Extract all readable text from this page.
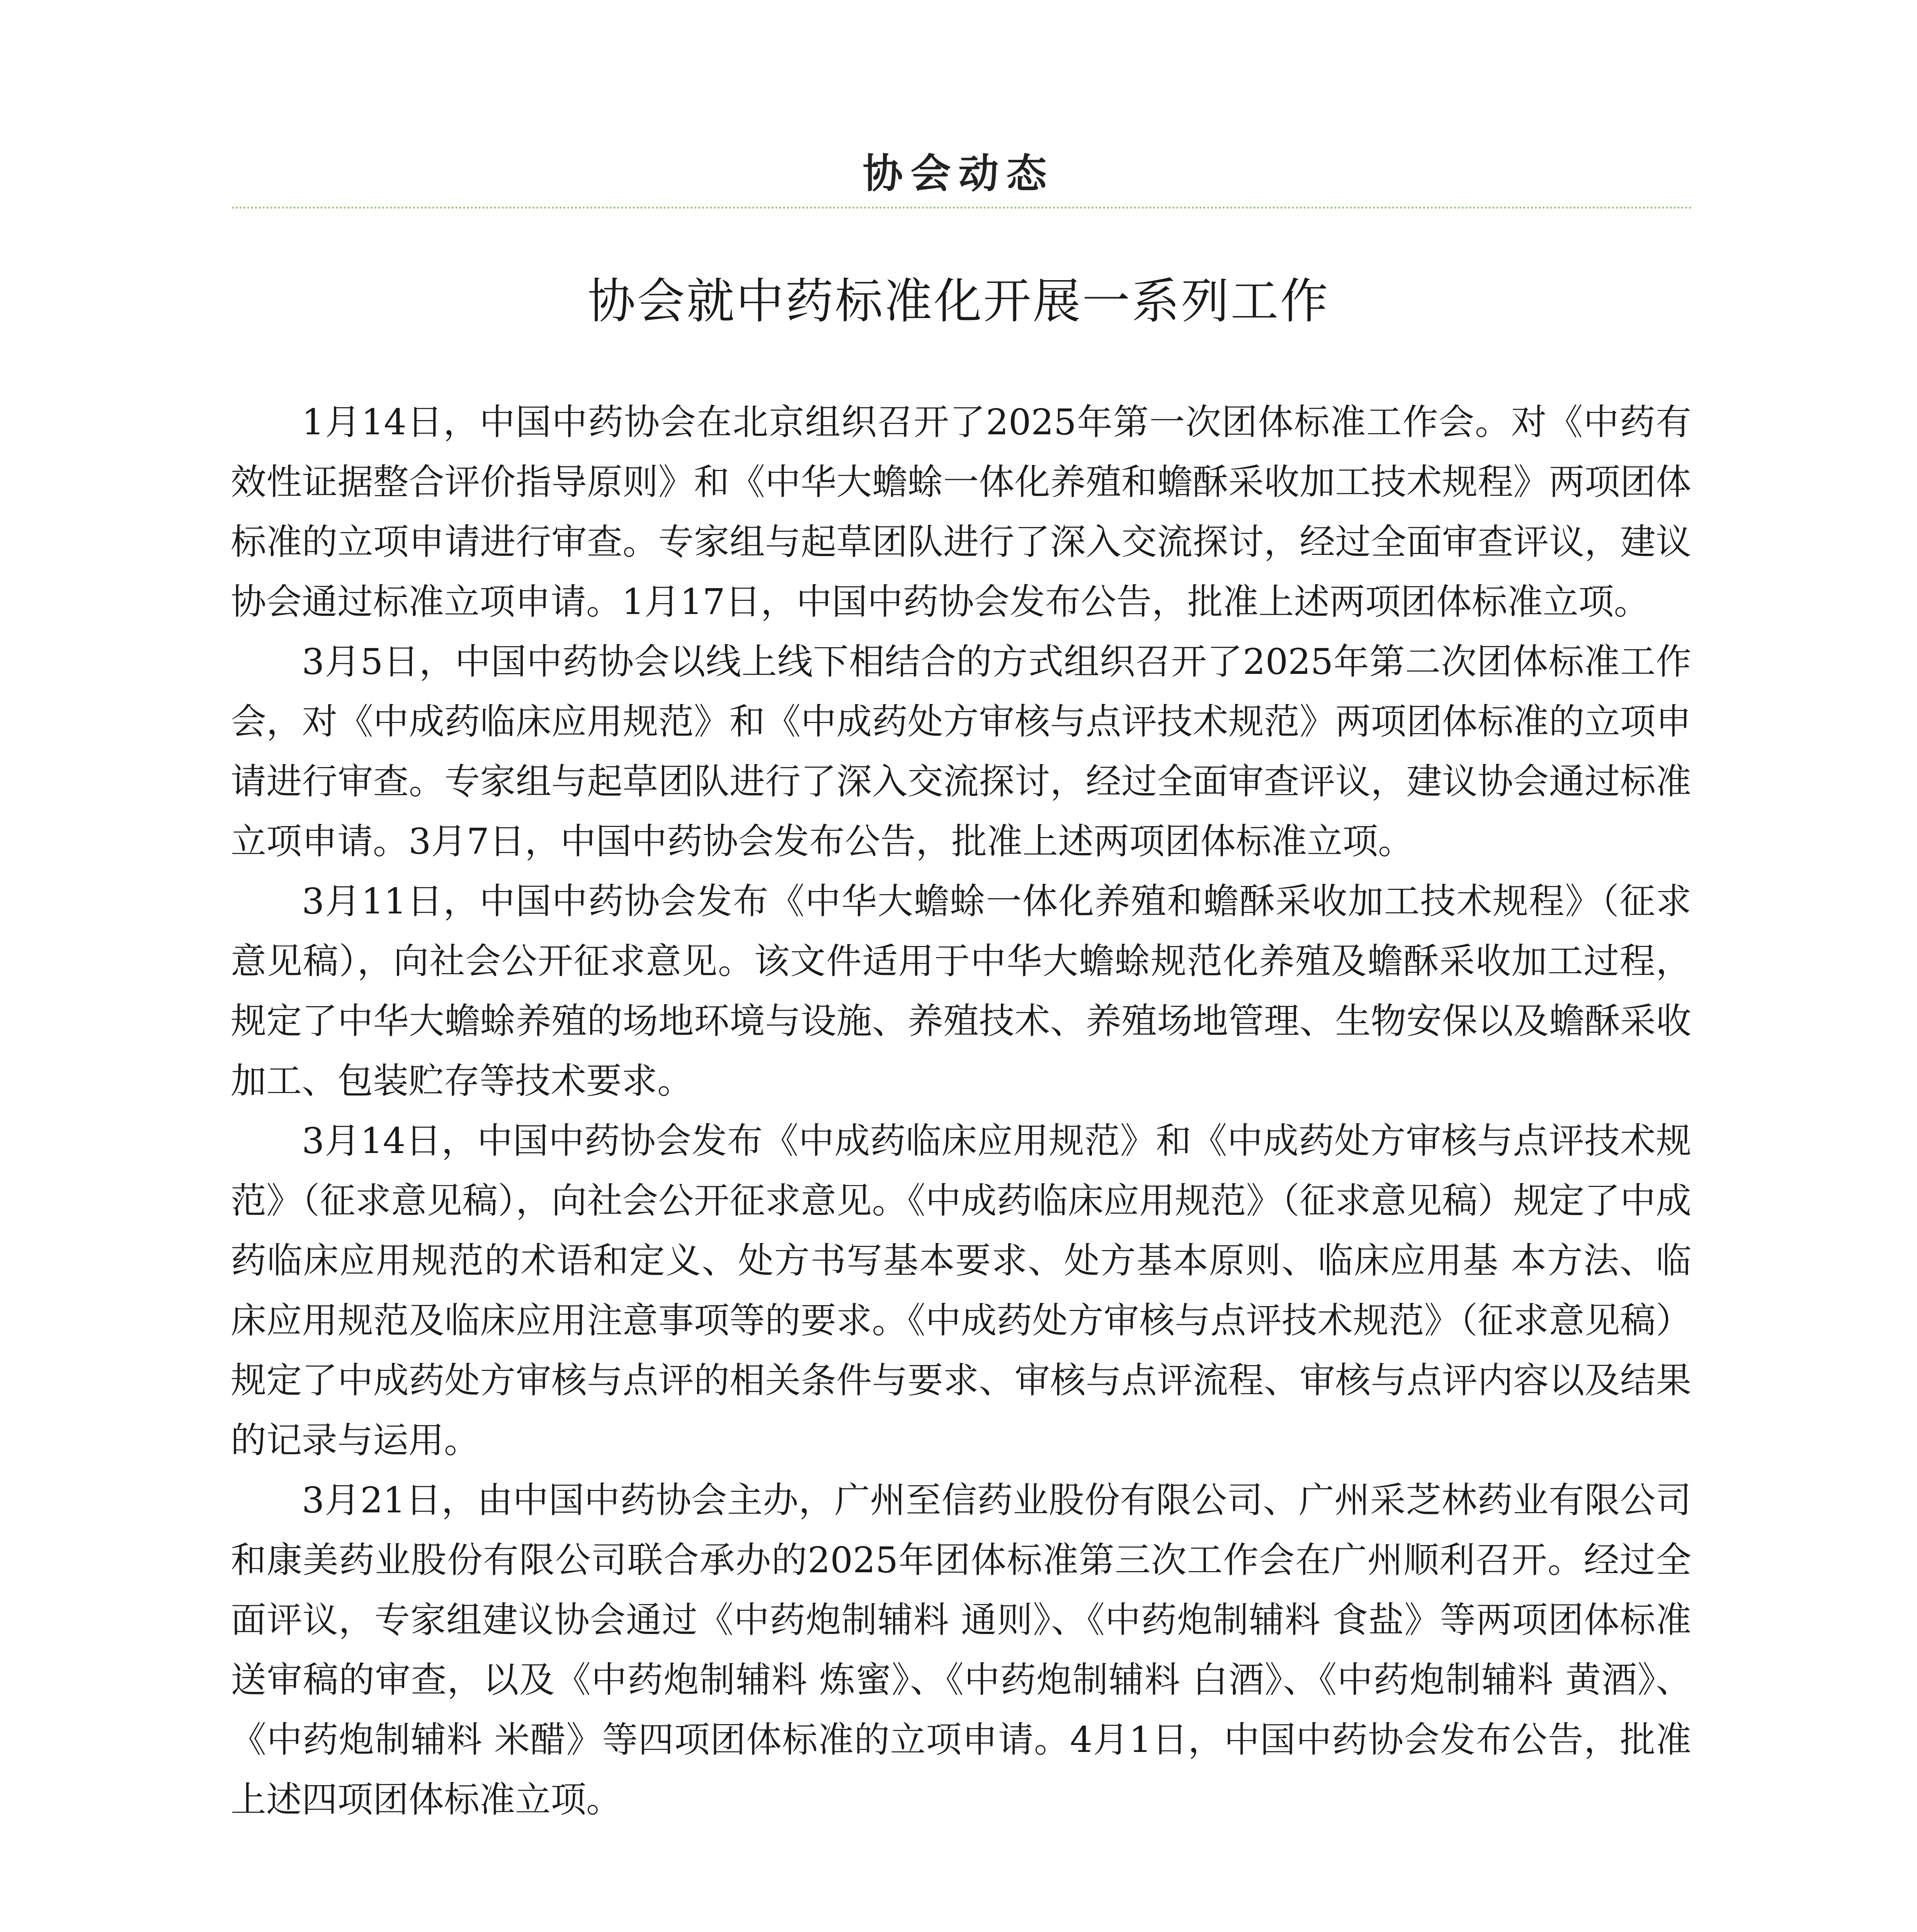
协会动态
协会就中药标准化开展一系列工作

1月14日，中国中药协会在北京组织召开了2025年第一次团体标准工作会。对《中药有效性证据整合评价指导原则》和《中华大蟾蜍一体化养殖和蟾酥采收加工技术规程》两项团体标准的立项申请进行审查。专家组与起草团队进行了深入交流探讨，经过全面审查评议，建议协会通过标准立项申请。1月17日，中国中药协会发布公告，批准上述两项团体标准立项。

3月5日，中国中药协会以线上线下相结合的方式组织召开了2025年第二次团体标准工作会，对《中成药临床应用规范》和《中成药处方审核与点评技术规范》两项团体标准的立项申请进行审查。专家组与起草团队进行了深入交流探讨，经过全面审查评议，建议协会通过标准立项申请。3月7日，中国中药协会发布公告，批准上述两项团体标准立项。

3月11日，中国中药协会发布《中华大蟾蜍一体化养殖和蟾酥采收加工技术规程》（征求意见稿），向社会公开征求意见。该文件适用于中华大蟾蜍规范化养殖及蟾酥采收加工过程，规定了中华大蟾蜍养殖的场地环境与设施、养殖技术、养殖场地管理、生物安保以及蟾酥采收加工、包装贮存等技术要求。

3月14日，中国中药协会发布《中成药临床应用规范》和《中成药处方审核与点评技术规范》（征求意见稿），向社会公开征求意见。《中成药临床应用规范》（征求意见稿）规定了中成药临床应用规范的术语和定义、处方书写基本要求、处方基本原则、临床应用基 本方法、临床应用规范及临床应用注意事项等的要求。《中成药处方审核与点评技术规范》（征求意见稿）规定了中成药处方审核与点评的相关条件与要求、审核与点评流程、审核与点评内容以及结果的记录与运用。

3月21日，由中国中药协会主办，广州至信药业股份有限公司、广州采芝林药业有限公司和康美药业股份有限公司联合承办的2025年团体标准第三次工作会在广州顺利召开。经过全面评议，专家组建议协会通过《中药炮制辅料 通则》、《中药炮制辅料 食盐》等两项团体标准送审稿的审查，以及《中药炮制辅料 炼蜜》、《中药炮制辅料 白酒》、《中药炮制辅料 黄酒》、《中药炮制辅料 米醋》等四项团体标准的立项申请。4月1日，中国中药协会发布公告，批准上述四项团体标准立项。
